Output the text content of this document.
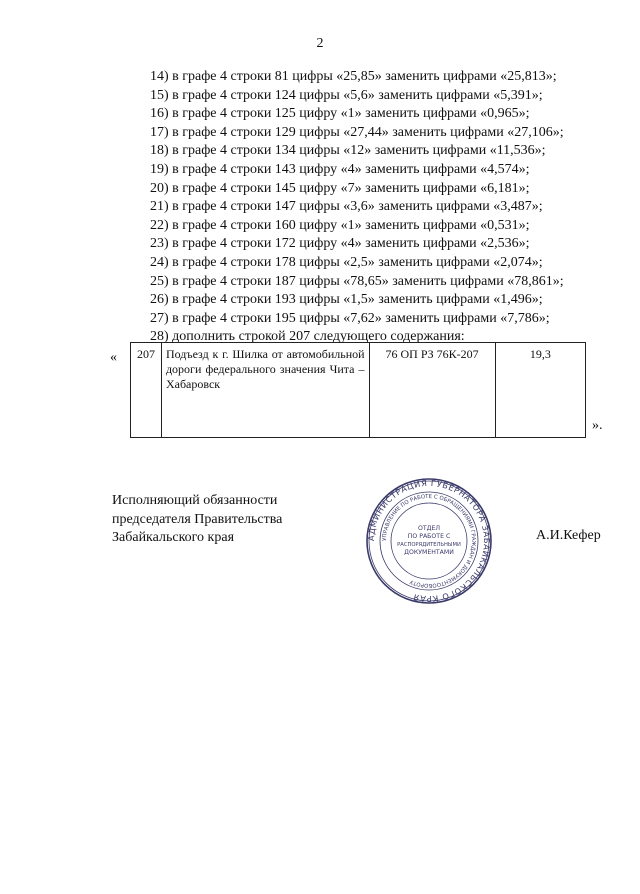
2
14) в графе 4 строки 81 цифры «25,85» заменить цифрами «25,813»;
15) в графе 4 строки 124 цифры «5,6» заменить цифрами «5,391»;
16) в графе 4 строки 125 цифру «1» заменить цифрами «0,965»;
17) в графе 4 строки 129 цифры «27,44» заменить цифрами «27,106»;
18) в графе 4 строки 134 цифры «12» заменить цифрами «11,536»;
19) в графе 4 строки 143 цифру «4» заменить цифрами «4,574»;
20) в графе 4 строки 145 цифру «7» заменить цифрами «6,181»;
21) в графе 4 строки 147 цифры «3,6» заменить цифрами «3,487»;
22) в графе 4 строки 160 цифру «1» заменить цифрами «0,531»;
23) в графе 4 строки 172 цифру «4» заменить цифрами «2,536»;
24) в графе 4 строки 178 цифры «2,5» заменить цифрами «2,074»;
25) в графе 4 строки 187 цифры «78,65» заменить цифрами «78,861»;
26) в графе 4 строки 193 цифры «1,5» заменить цифрами «1,496»;
27) в графе 4 строки 195 цифры «7,62» заменить цифрами «7,786»;
28) дополнить строкой 207 следующего содержания:
« 207	Подъезд к г. Шилка от автомобильной дороги федерального значения Чита – Хабаровск	76 ОП РЗ 76К-207	19,3
».
Исполняющий обязанности
председателя Правительства
Забайкальского края	АДМИНИСТРАЦИЯ ГУБЕРНАТОРА ЗАБАЙКАЛЬСКОГО КРАЯ
УПРАВЛЕНИЕ ПО РАБОТЕ С ОБРАЩЕНИЯМИ ГРАЖДАН И ДОКУМЕНТООБОРОТУ
ОТДЕЛ
ПО РАБОТЕ С
РАСПОРЯДИТЕЛЬНЫМИ
ДОКУМЕНТАМИ
А.И.Кефер
